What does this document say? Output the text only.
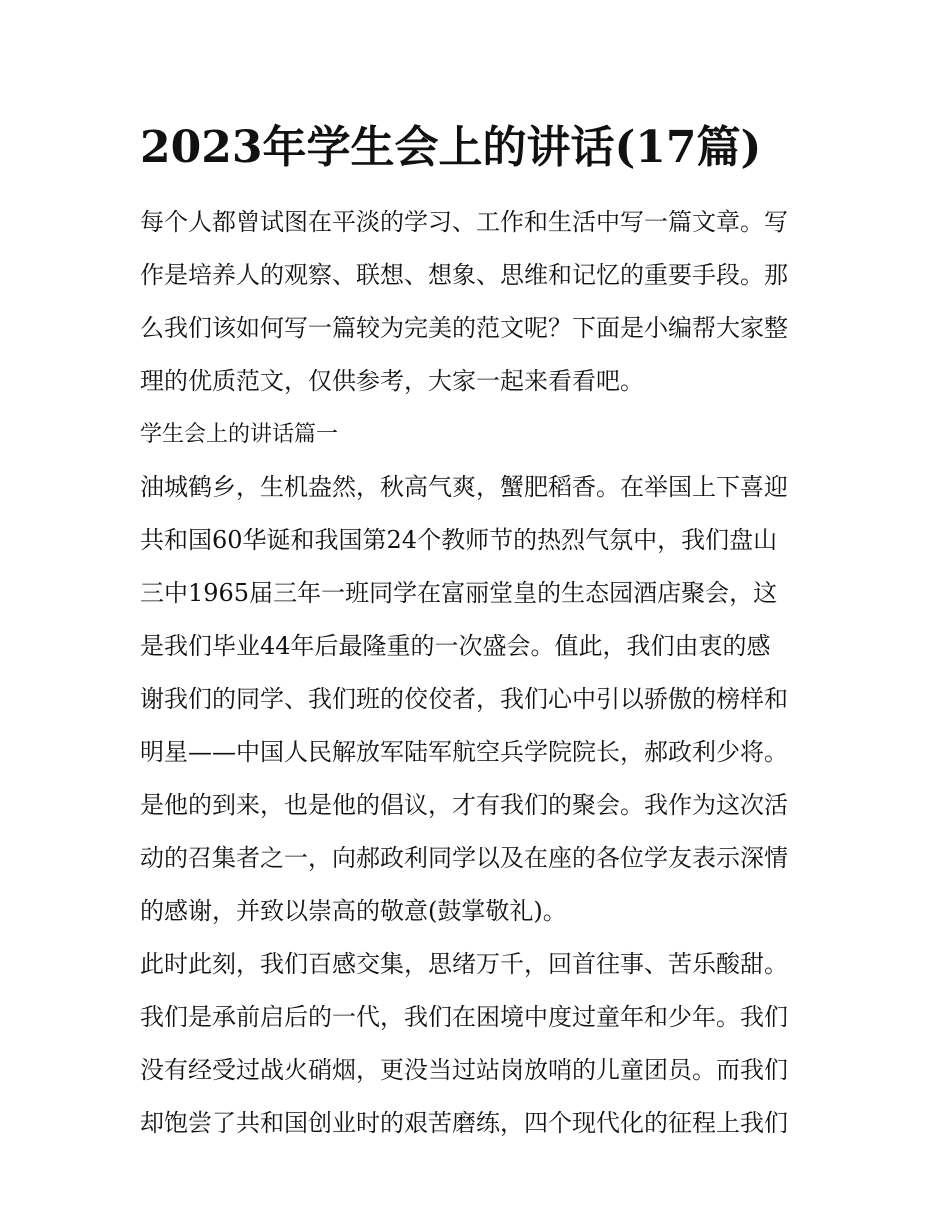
2023年学生会上的讲话(17篇)
每个人都曾试图在平淡的学习、工作和生活中写一篇文章。写
作是培养人的观察、联想、想象、思维和记忆的重要手段。那
么我们该如何写一篇较为完美的范文呢？下面是小编帮大家整
理的优质范文，仅供参考，大家一起来看看吧。
学生会上的讲话篇一
油城鹤乡，生机盎然，秋高气爽，蟹肥稻香。在举国上下喜迎
共和国60华诞和我国第24个教师节的热烈气氛中，我们盘山
三中1965届三年一班同学在富丽堂皇的生态园酒店聚会，这
是我们毕业44年后最隆重的一次盛会。值此，我们由衷的感
谢我们的同学、我们班的佼佼者，我们心中引以骄傲的榜样和
明星——中国人民解放军陆军航空兵学院院长，郝政利少将。
是他的到来，也是他的倡议，才有我们的聚会。我作为这次活
动的召集者之一，向郝政利同学以及在座的各位学友表示深情
的感谢，并致以崇高的敬意(鼓掌敬礼)。
此时此刻，我们百感交集，思绪万千，回首往事、苦乐酸甜。
我们是承前启后的一代，我们在困境中度过童年和少年。我们
没有经受过战火硝烟，更没当过站岗放哨的儿童团员。而我们
却饱尝了共和国创业时的艰苦磨练，四个现代化的征程上我们
